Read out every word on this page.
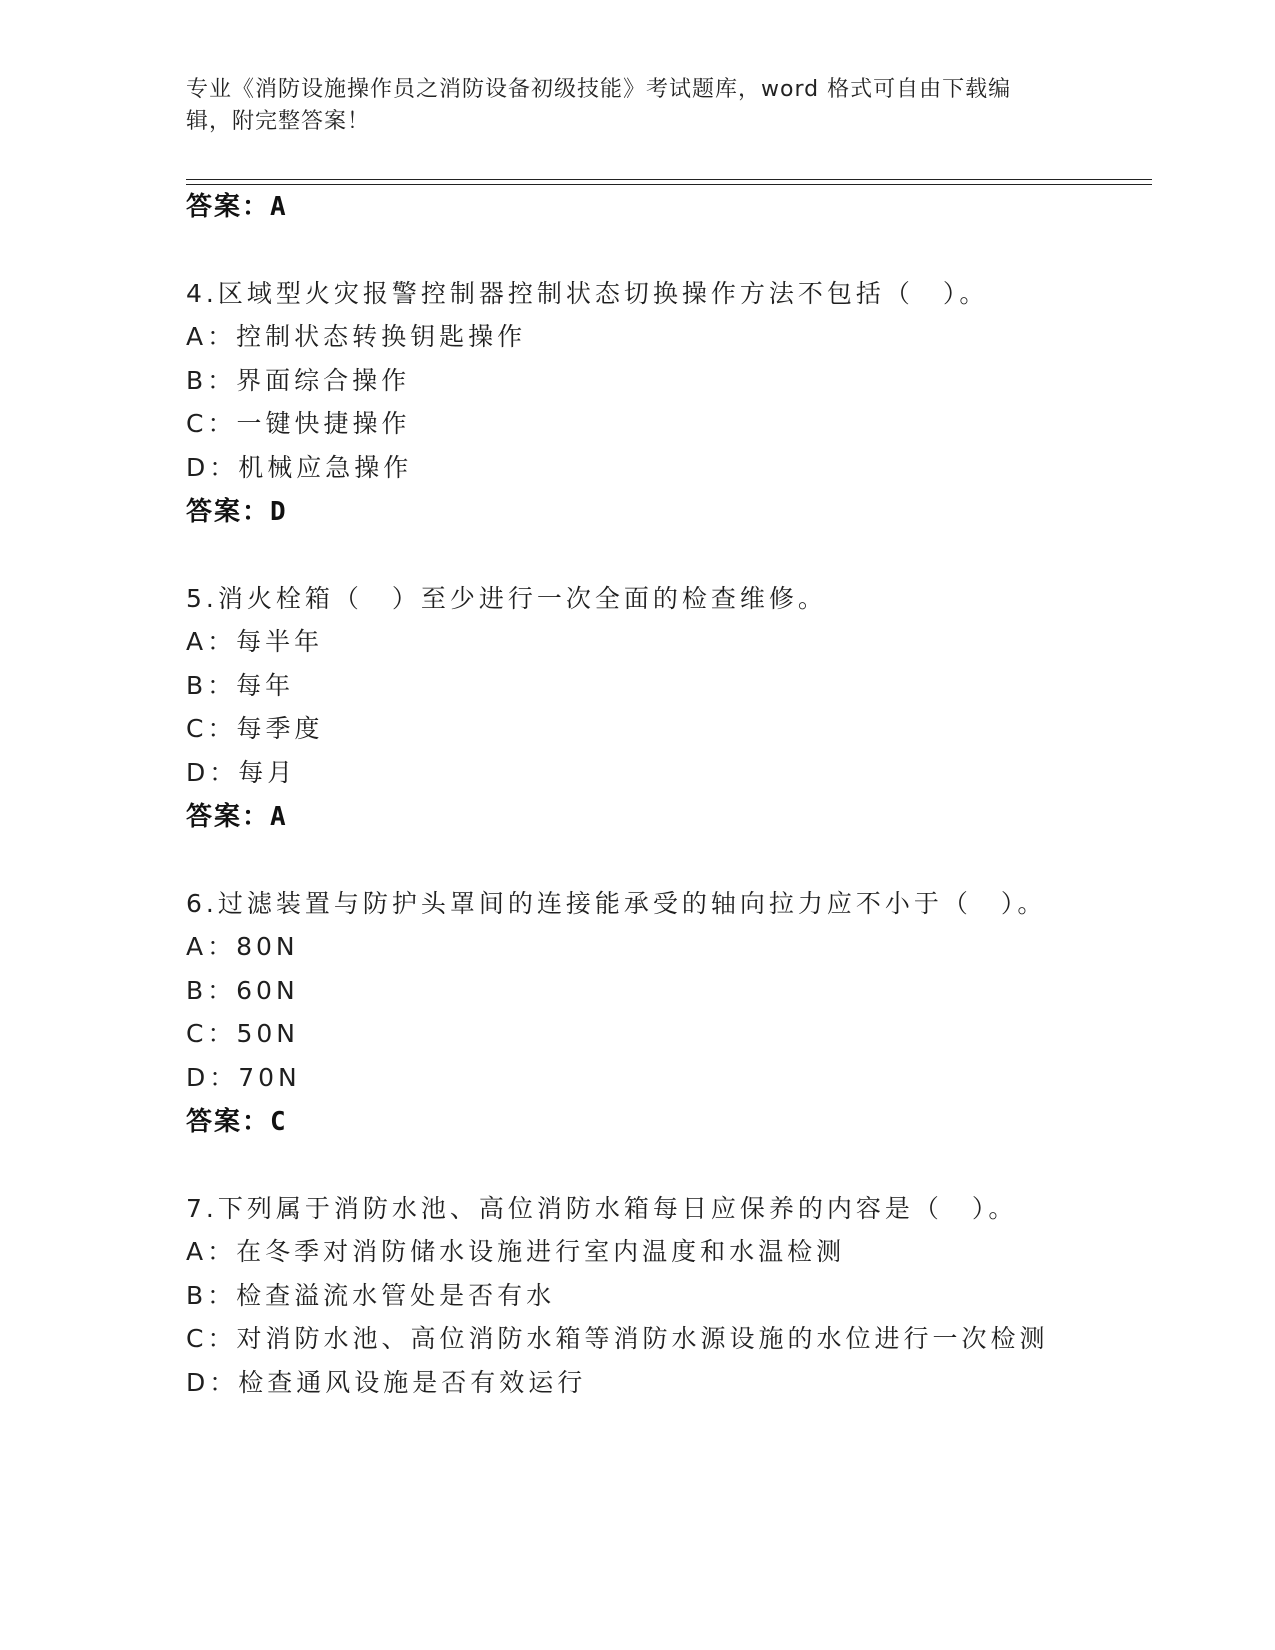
专业《消防设施操作员之消防设备初级技能》考试题库，word 格式可自由下载编
辑，附完整答案！
答案：A
4.区域型火灾报警控制器控制状态切换操作方法不包括（　）。
A：控制状态转换钥匙操作
B：界面综合操作
C：一键快捷操作
D：机械应急操作
答案：D
5.消火栓箱（　）至少进行一次全面的检查维修。
A：每半年
B：每年
C：每季度
D：每月
答案：A
6.过滤装置与防护头罩间的连接能承受的轴向拉力应不小于（　）。
A：80N
B：60N
C：50N
D：70N
答案：C
7.下列属于消防水池、高位消防水箱每日应保养的内容是（　）。
A：在冬季对消防储水设施进行室内温度和水温检测
B：检查溢流水管处是否有水
C：对消防水池、高位消防水箱等消防水源设施的水位进行一次检测
D：检查通风设施是否有效运行
